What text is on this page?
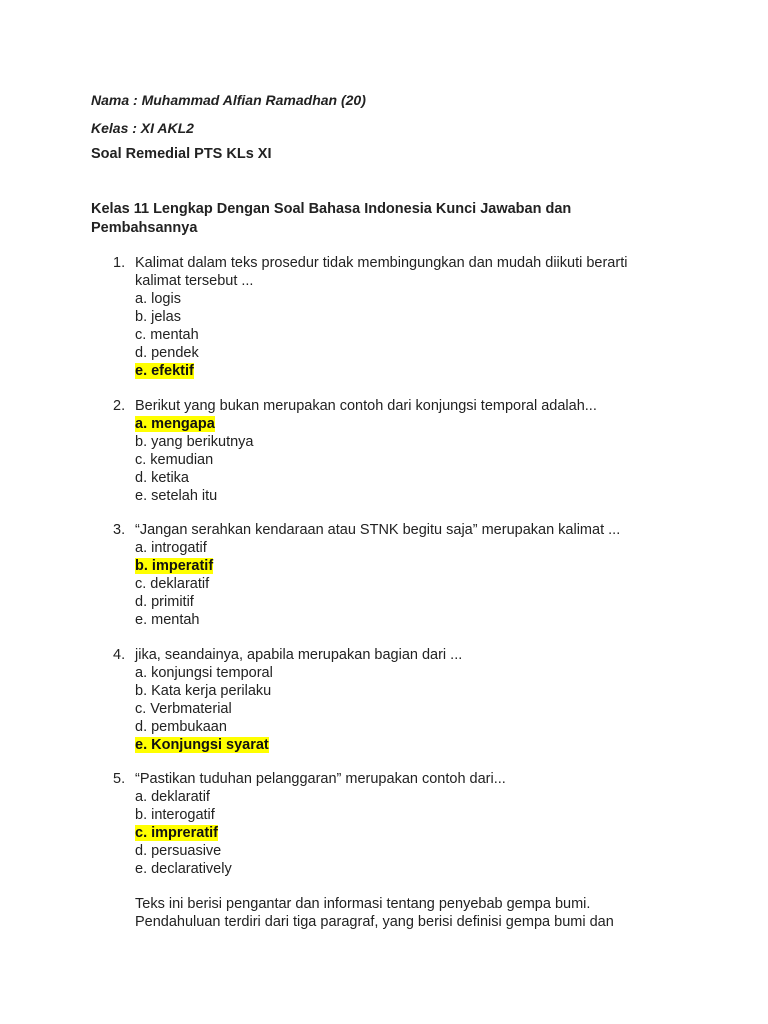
Nama : Muhammad Alfian Ramadhan (20)
Kelas : XI AKL2
Soal Remedial PTS KLs XI
Kelas 11 Lengkap Dengan Soal Bahasa Indonesia Kunci Jawaban dan
Pembahsannya
1. Kalimat dalam teks prosedur tidak membingungkan dan mudah diikuti berarti
kalimat tersebut ...
a. logis
b. jelas
c. mentah
d. pendek
e. efektif
2. Berikut yang bukan merupakan contoh dari konjungsi temporal adalah...
a. mengapa
b. yang berikutnya
c. kemudian
d. ketika
e. setelah itu
3. “Jangan serahkan kendaraan atau STNK begitu saja” merupakan kalimat ...
a. introgatif
b. imperatif
c. deklaratif
d. primitif
e. mentah
4. jika, seandainya, apabila merupakan bagian dari ...
a. konjungsi temporal
b. Kata kerja perilaku
c. Verbmaterial
d. pembukaan
e. Konjungsi syarat
5. “Pastikan tuduhan pelanggaran” merupakan contoh dari...
a. deklaratif
b. interogatif
c. impreratif
d. persuasive
e. declaratively

Teks ini berisi pengantar dan informasi tentang penyebab gempa bumi.

Pendahuluan terdiri dari tiga paragraf, yang berisi definisi gempa bumi dan
